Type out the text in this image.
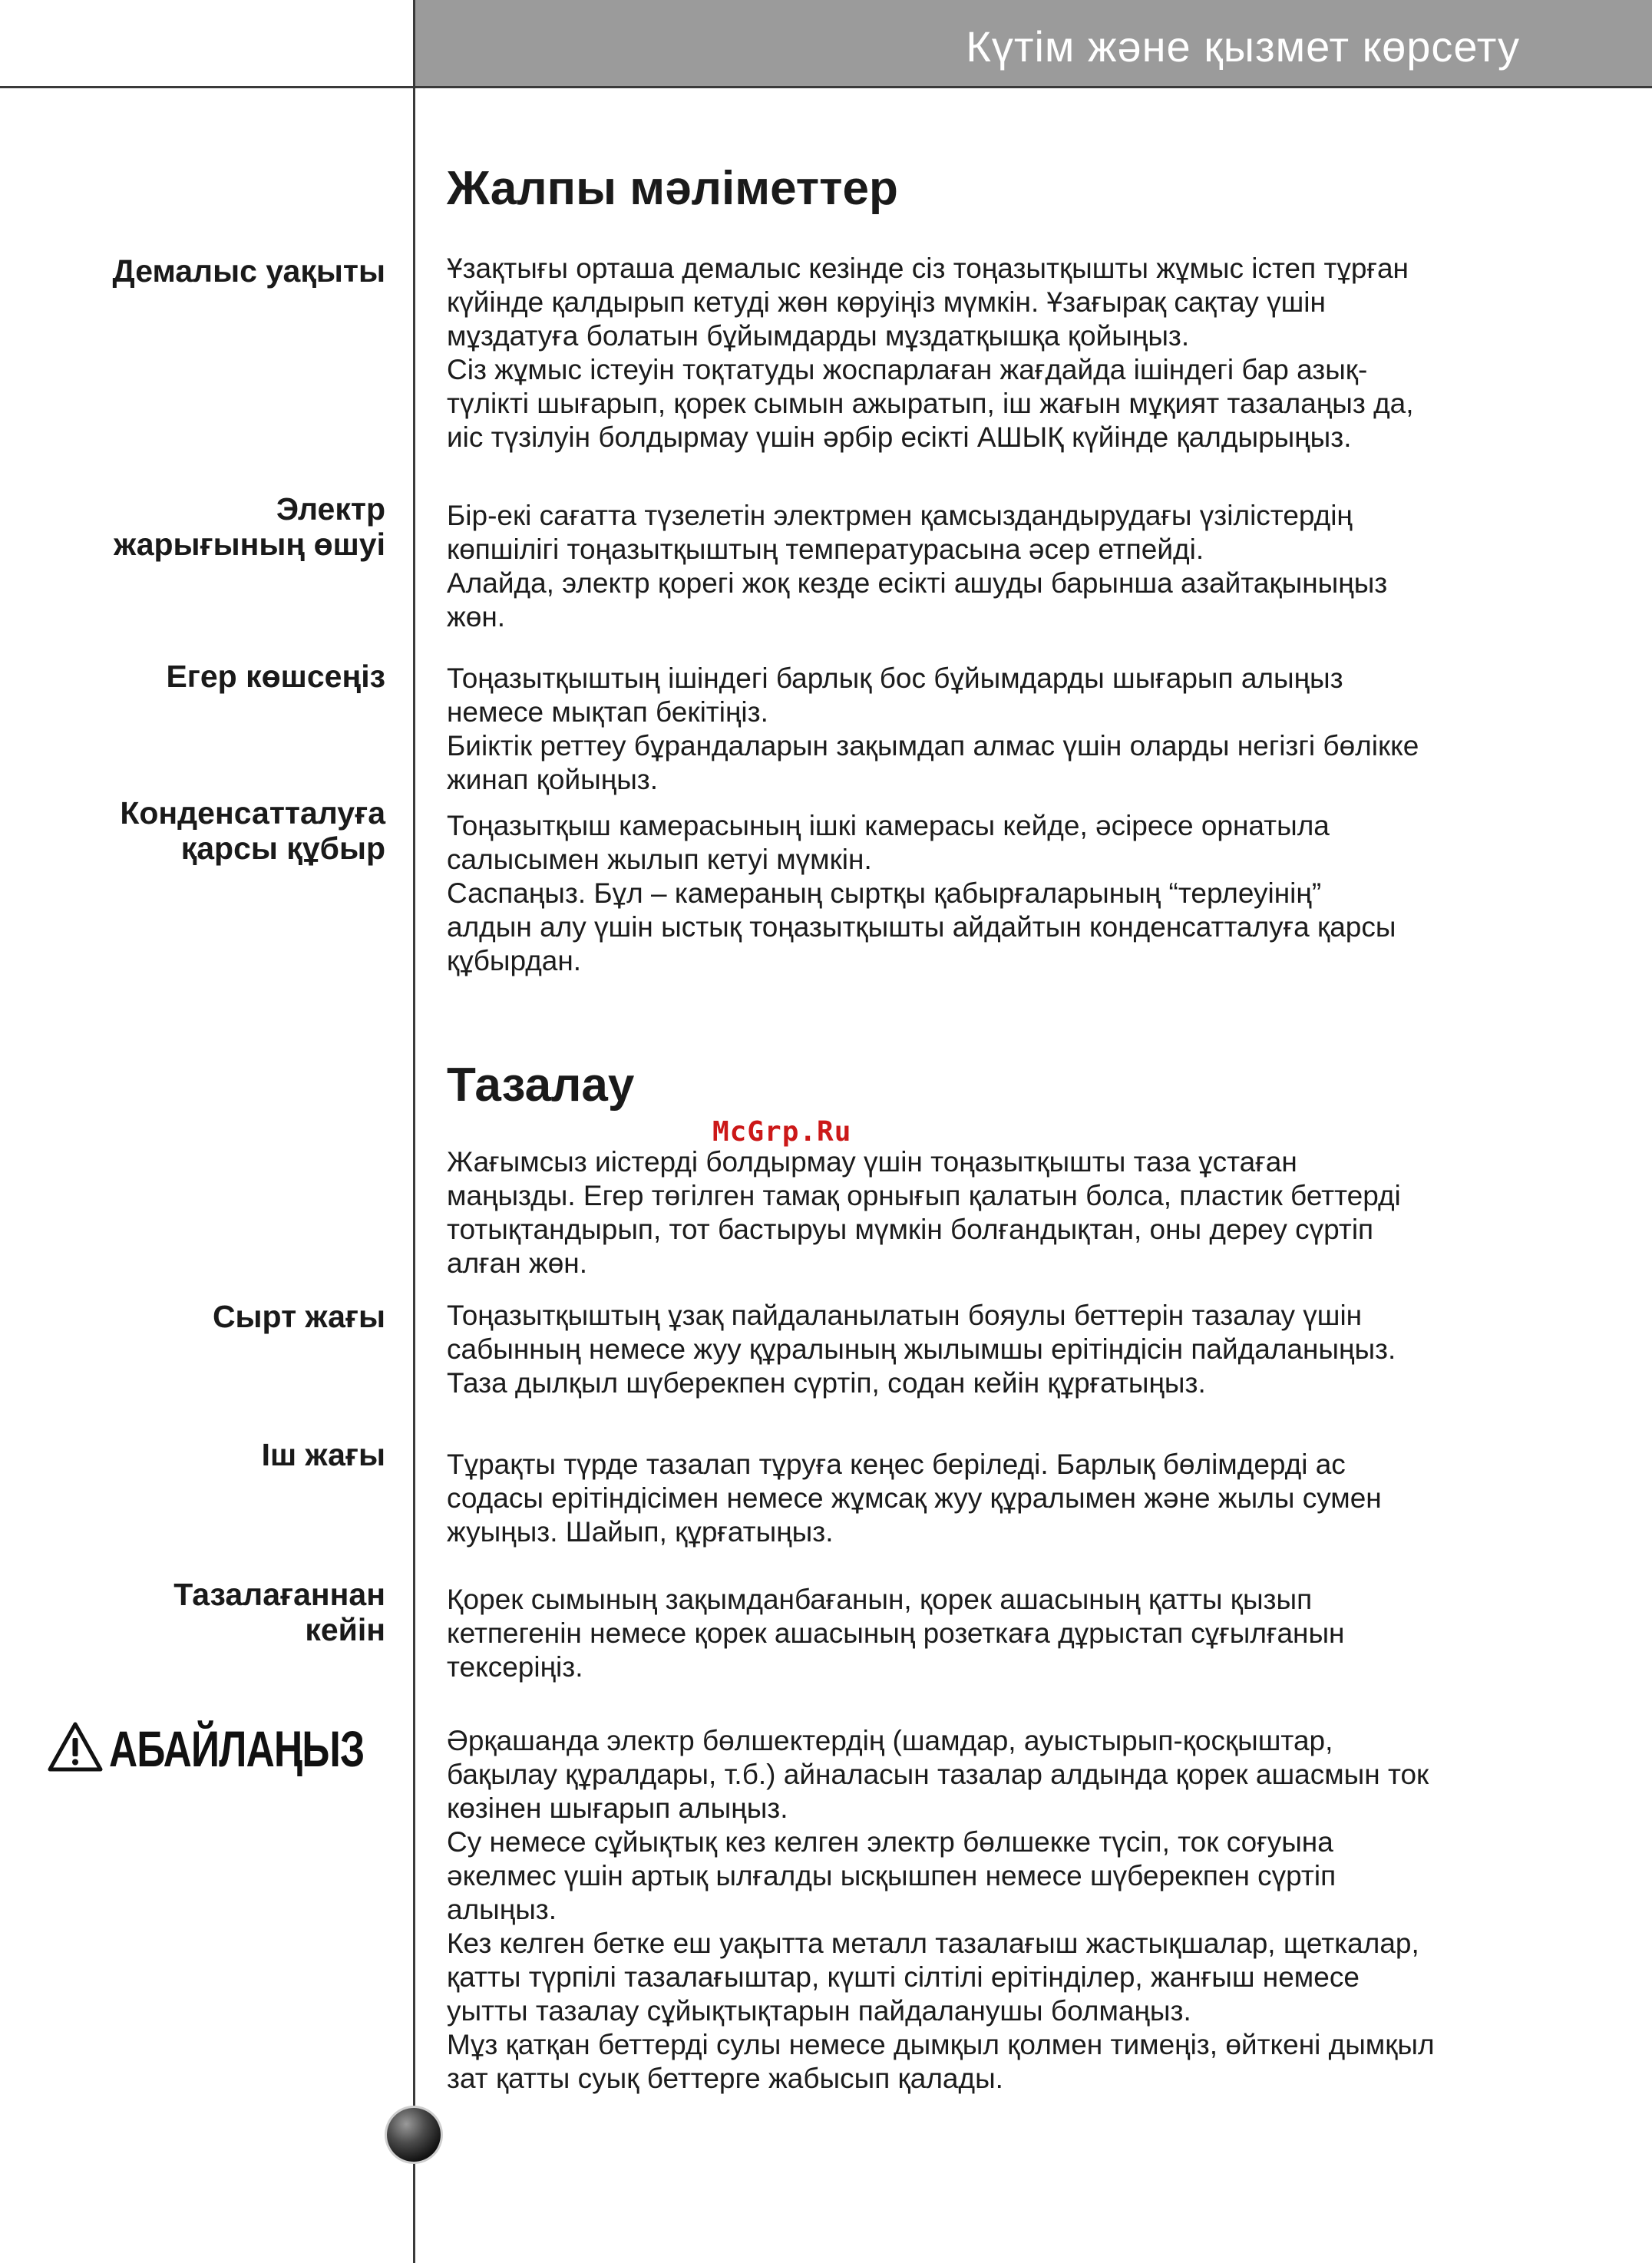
Күтім және қызмет көрсету
Жалпы мәліметтер
Демалыс уақыты Ұзақтығы орташа демалыс кезінде сіз тоңазытқышты жұмыс істеп тұрған

күйінде қалдырып кетуді жөн көруіңіз мүмкін. Ұзағырақ сақтау үшін

мұздатуға болатын бұйымдарды мұздатқышқа қойыңыз.

Сіз жұмыс істеуін тоқтатуды жоспарлаған жағдайда ішіндегі бар азық-

түлікті шығарып, қорек сымын ажыратып, іш жағын мұқият тазалаңыз да,

иіс түзілуін болдырмау үшін әрбір есікті АШЫҚ күйінде қалдырыңыз.

Электр
жарығының өшуі

Бір-екі сағатта түзелетін электрмен қамсыздандырудағы үзілістердің

көпшілігі тоңазытқыштың температурасына әсер етпейді.

Алайда, электр қорегі жоқ кезде есікті ашуды барынша азайтақыныңыз

жөн.

Егер көшсеңіз Тоңазытқыштың ішіндегі барлық бос бұйымдарды шығарып алыңыз

немесе мықтап бекітіңіз.

Биіктік реттеу бұрандаларын зақымдап алмас үшін оларды негізгі бөлікке

жинап қойыңыз.

Конденсатталуға
қарсы құбыр

Тоңазытқыш камерасының ішкі камерасы кейде, әсіресе орнатыла

салысымен жылып кетуі мүмкін.

Саспаңыз. Бұл – камераның сыртқы қабырғаларының “терлеуінің”

алдын алу үшін ыстық тоңазытқышты айдайтын конденсатталуға қарсы

құбырдан.

Тазалау
McGrp.Ru

Жағымсыз иістерді болдырмау үшін тоңазытқышты таза ұстаған

маңызды. Егер төгілген тамақ орнығып қалатын болса, пластик беттерді

тотықтандырып, тот бастыруы мүмкін болғандықтан, оны дереу сүртіп

алған жөн.

Сырт жағы Тоңазытқыштың ұзақ пайдаланылатын бояулы беттерін тазалау үшін

сабынның немесе жуу құралының жылымшы ерітіндісін пайдаланыңыз.

Таза дылқыл шүберекпен сүртіп, содан кейін құрғатыңыз.

Іш жағы Тұрақты түрде тазалап тұруға кеңес беріледі. Барлық бөлімдерді ас

содасы ерітіндісімен немесе жұмсақ жуу құралымен және жылы сумен

жуыңыз. Шайып, құрғатыңыз.

Тазалағаннан
кейін

Қорек сымының зақымданбағанын, қорек ашасының қатты қызып

кетпегенін немесе қорек ашасының розеткаға дұрыстап сұғылғанын

тексеріңіз.

АБАЙЛАҢЫЗ	Әрқашанда электр бөлшектердің (шамдар, ауыстырып-қосқыштар,

бақылау құралдары, т.б.) айналасын тазалар алдында қорек ашасмын ток

көзінен шығарып алыңыз.

Су немесе сұйықтық кез келген электр бөлшекке түсіп, ток соғуына

әкелмес үшін артық ылғалды ысқышпен немесе шүберекпен сүртіп

алыңыз.

Кез келген бетке еш уақытта металл тазалағыш жастықшалар, щеткалар,

қатты түрпілі тазалағыштар, күшті сілтілі ерітінділер, жанғыш немесе

уытты тазалау сұйықтықтарын пайдаланушы болмаңыз.

Мұз қатқан беттерді сулы немесе дымқыл қолмен тимеңіз, өйткені дымқыл

зат қатты суық беттерге жабысып қалады.
